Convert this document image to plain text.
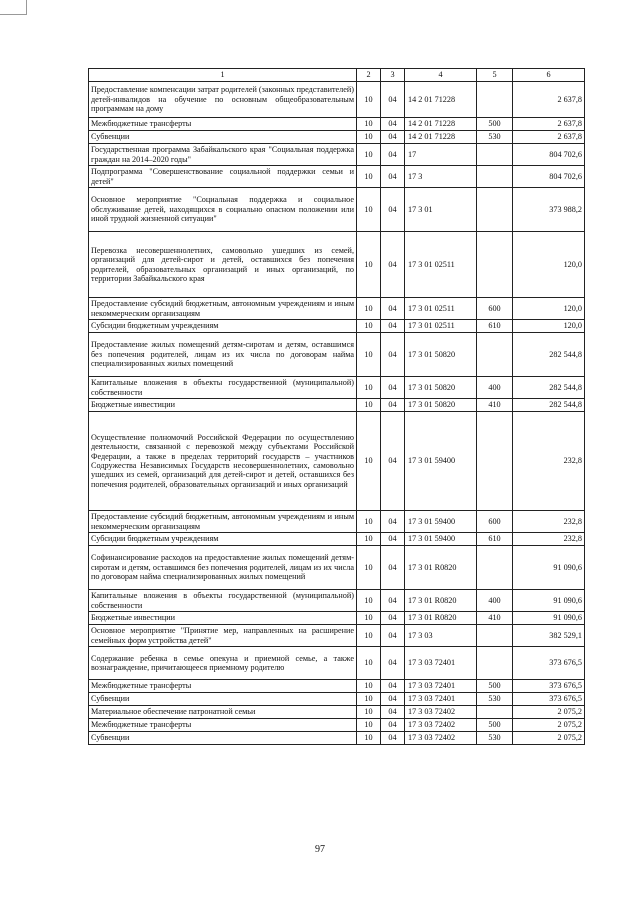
1	2	3	4	5	6
Предоставление компенсации затрат родителей (законных представителей) детей-инвалидов на обучение по основным общеобразовательным программам на дому	10	04	14 2 01 71228		2 637,8
Межбюджетные трансферты	10	04	14 2 01 71228	500	2 637,8
Субвенции	10	04	14 2 01 71228	530	2 637,8
Государственная программа Забайкальского края "Социальная поддержка граждан на 2014–2020 годы"	10	04	17		804 702,6
Подпрограмма "Совершенствование социальной поддержки семьи и детей"	10	04	17 3		804 702,6
Основное мероприятие "Социальная поддержка и социальное обслуживание детей, находящихся в социально опасном положении или иной трудной жизненной ситуации"	10	04	17 3 01		373 988,2
Перевозка несовершеннолетних, самовольно ушедших из семей, организаций для детей-сирот и детей, оставшихся без попечения родителей, образовательных организаций и иных организаций, по территории Забайкальского края	10	04	17 3 01 02511		120,0
Предоставление субсидий бюджетным, автономным учреждениям и иным некоммерческим организациям	10	04	17 3 01 02511	600	120,0
Субсидии бюджетным учреждениям	10	04	17 3 01 02511	610	120,0
Предоставление жилых помещений детям-сиротам и детям, оставшимся без попечения родителей, лицам из их числа по договорам найма специализированных жилых помещений	10	04	17 3 01 50820		282 544,8
Капитальные вложения в объекты государственной (муниципальной) собственности	10	04	17 3 01 50820	400	282 544,8
Бюджетные инвестиции	10	04	17 3 01 50820	410	282 544,8
Осуществление полномочий Российской Федерации по осуществлению деятельности, связанной с перевозкой между субъектами Российской Федерации, а также в пределах территорий государств – участников Содружества Независимых Государств несовершеннолетних, самовольно ушедших из семей, организаций для детей-сирот и детей, оставшихся без попечения родителей, образовательных организаций и иных организаций	10	04	17 3 01 59400		232,8
Предоставление субсидий бюджетным, автономным учреждениям и иным некоммерческим организациям	10	04	17 3 01 59400	600	232,8
Субсидии бюджетным учреждениям	10	04	17 3 01 59400	610	232,8
Софинансирование расходов на предоставление жилых помещений детям-сиротам и детям, оставшимся без попечения родителей, лицам из их числа по договорам найма специализированных жилых помещений	10	04	17 3 01 R0820		91 090,6
Капитальные вложения в объекты государственной (муниципальной) собственности	10	04	17 3 01 R0820	400	91 090,6
Бюджетные инвестиции	10	04	17 3 01 R0820	410	91 090,6
Основное мероприятие "Принятие мер, направленных на расширение семейных форм устройства детей"	10	04	17 3 03		382 529,1
Содержание ребенка в семье опекуна и приемной семье, а также вознаграждение, причитающееся приемному родителю	10	04	17 3 03 72401		373 676,5
Межбюджетные трансферты	10	04	17 3 03 72401	500	373 676,5
Субвенции	10	04	17 3 03 72401	530	373 676,5
Материальное обеспечение патронатной семьи	10	04	17 3 03 72402		2 075,2
Межбюджетные трансферты	10	04	17 3 03 72402	500	2 075,2
Субвенции	10	04	17 3 03 72402	530	2 075,2
97
